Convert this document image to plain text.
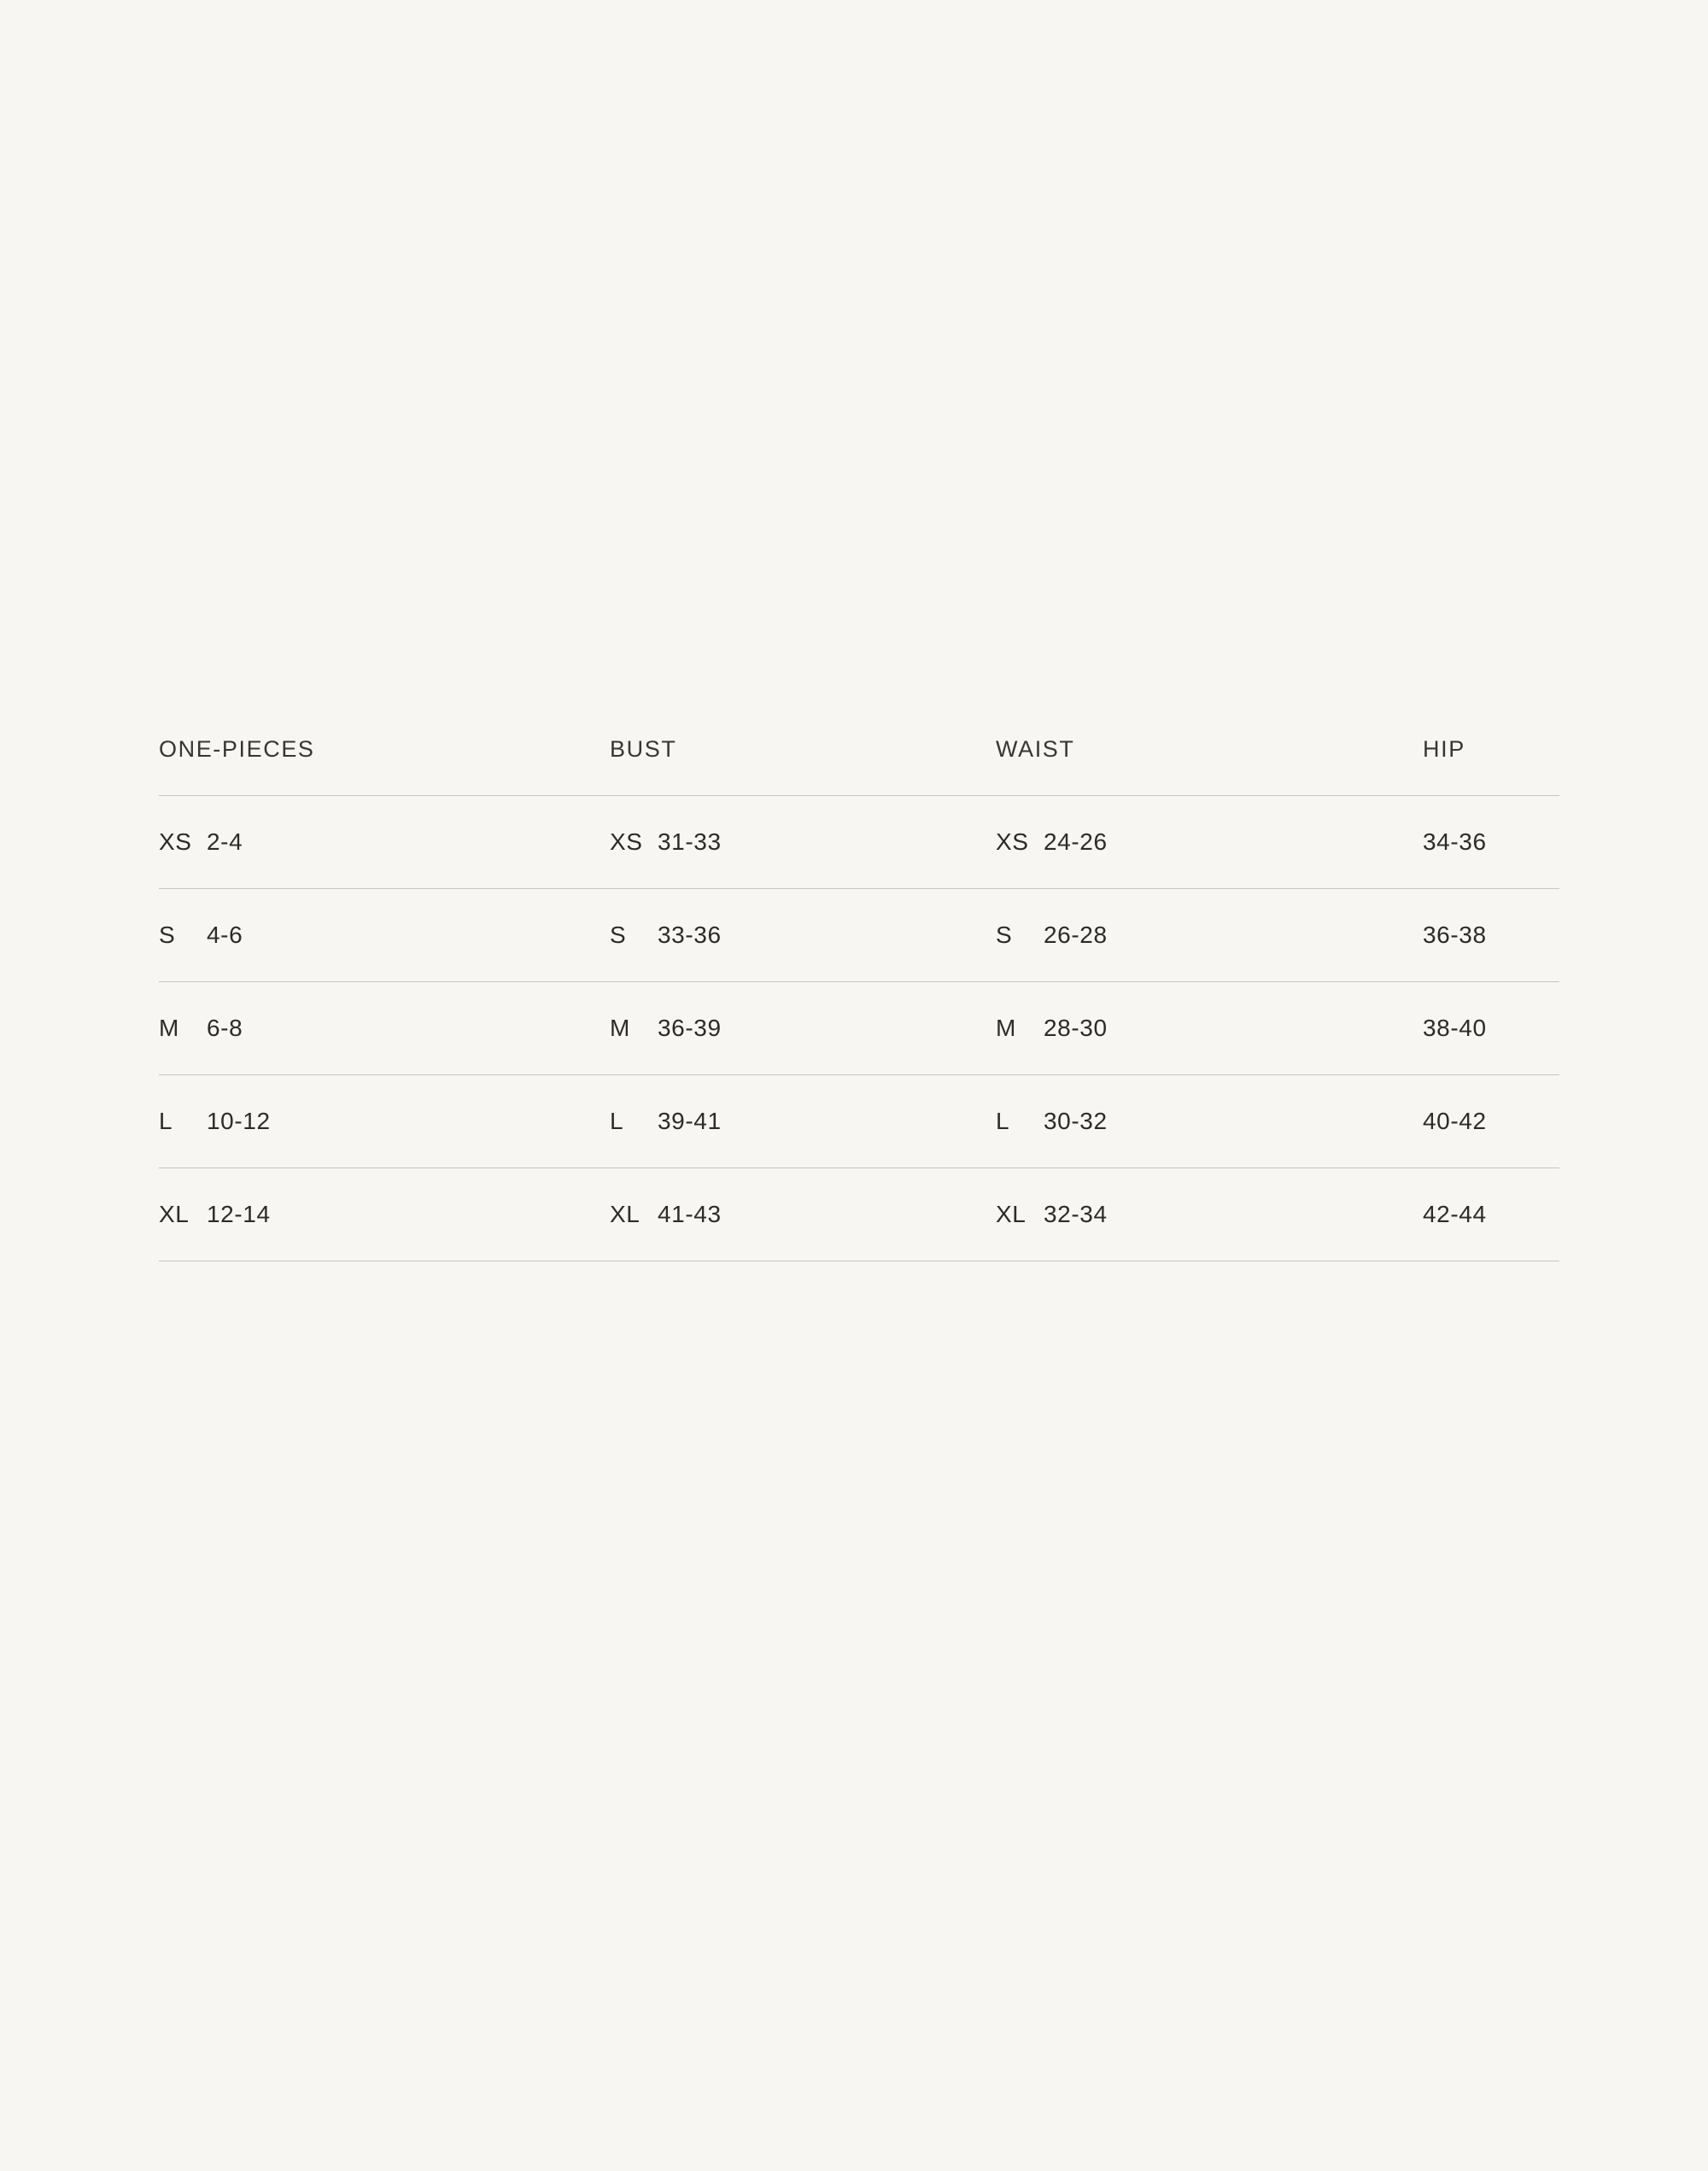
ONE-PIECES	BUST	WAIST	HIP
XS 2-4	XS 31-33	XS 24-26	34-36
S 4-6	S 33-36	S 26-28	36-38
M 6-8	M 36-39	M 28-30	38-40
L 10-12	L 39-41	L 30-32	40-42
XL 12-14	XL 41-43	XL 32-34	42-44
